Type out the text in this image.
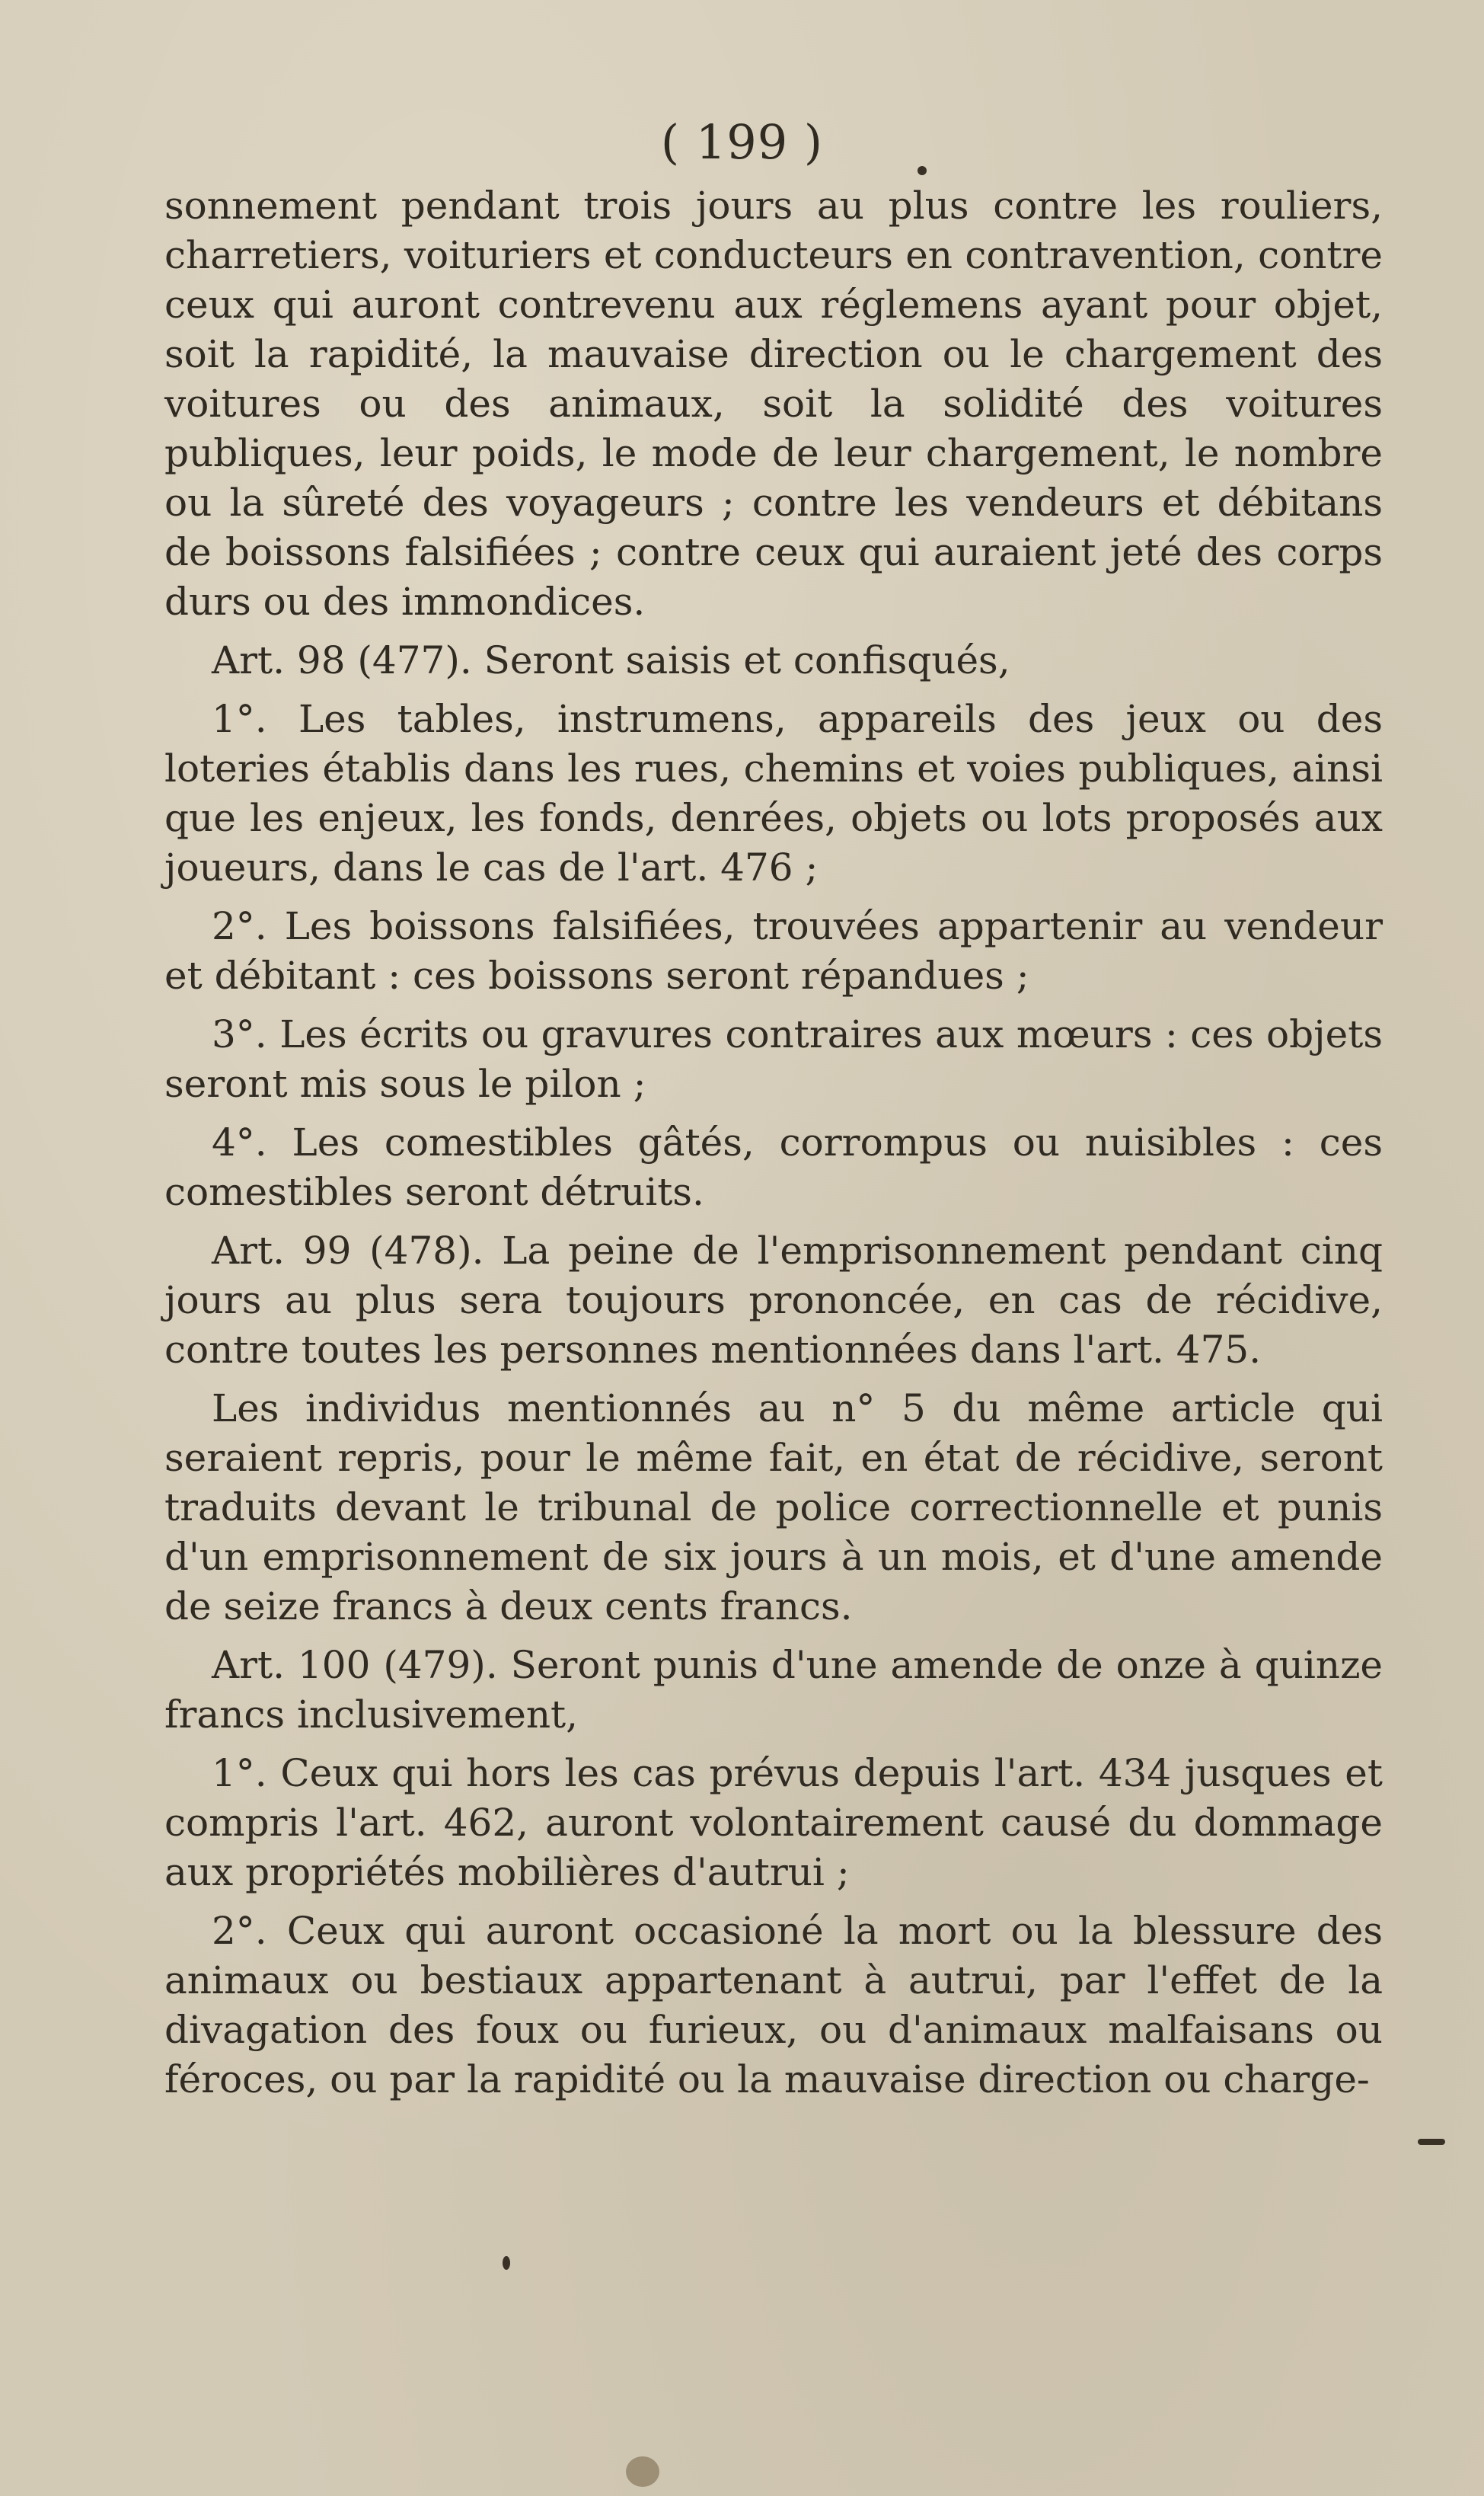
( 199 )

sonnement pendant trois jours au plus contre les rouliers, charretiers, voituriers et conducteurs en contravention, contre ceux qui auront contrevenu aux réglemens ayant pour objet, soit la rapidité, la mauvaise direction ou le chargement des voitures ou des animaux, soit la solidité des voitures publiques, leur poids, le mode de leur chargement, le nombre ou la sûreté des voyageurs ; contre les vendeurs et débitans de boissons falsifiées ; contre ceux qui auraient jeté des corps durs ou des immondices.

Art. 98 (477). Seront saisis et confisqués,

1°. Les tables, instrumens, appareils des jeux ou des loteries établis dans les rues, chemins et voies publiques, ainsi que les enjeux, les fonds, denrées, objets ou lots proposés aux joueurs, dans le cas de l'art. 476 ;

2°. Les boissons falsifiées, trouvées appartenir au vendeur et débitant : ces boissons seront répandues ;

3°. Les écrits ou gravures contraires aux mœurs : ces objets seront mis sous le pilon ;

4°. Les comestibles gâtés, corrompus ou nuisibles : ces comestibles seront détruits.

Art. 99 (478). La peine de l'emprisonnement pendant cinq jours au plus sera toujours prononcée, en cas de récidive, contre toutes les personnes mentionnées dans l'art. 475.

Les individus mentionnés au n° 5 du même article qui seraient repris, pour le même fait, en état de récidive, seront traduits devant le tribunal de police correctionnelle et punis d'un emprisonnement de six jours à un mois, et d'une amende de seize francs à deux cents francs.

Art. 100 (479). Seront punis d'une amende de onze à quinze francs inclusivement,

1°. Ceux qui hors les cas prévus depuis l'art. 434 jusques et compris l'art. 462, auront volontairement causé du dommage aux propriétés mobilières d'autrui ;

2°. Ceux qui auront occasioné la mort ou la blessure des animaux ou bestiaux appartenant à autrui, par l'effet de la divagation des foux ou furieux, ou d'animaux malfaisans ou féroces, ou par la rapidité ou la mauvaise direction ou charge-
